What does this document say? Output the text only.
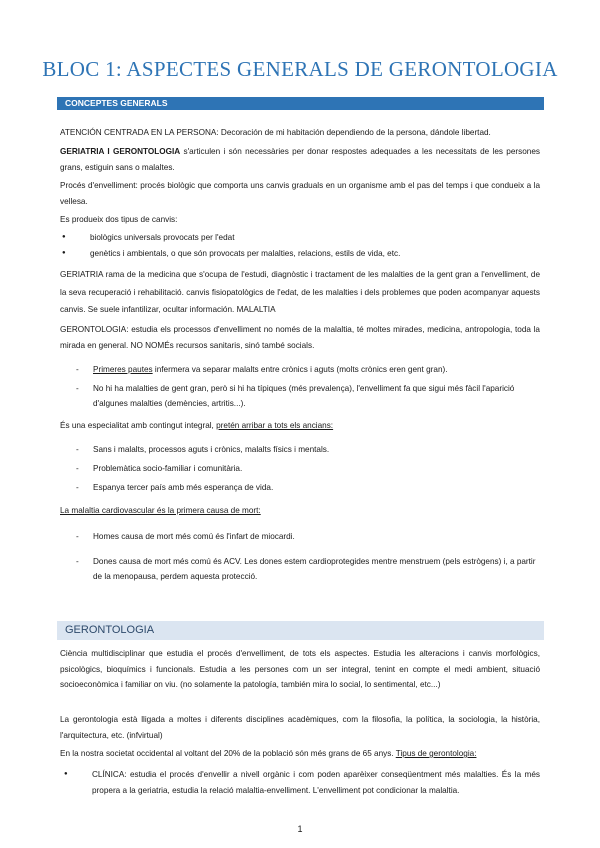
BLOC 1: ASPECTES GENERALS DE GERONTOLOGIA
CONCEPTES GENERALS
ATENCIÓN CENTRADA EN LA PERSONA: Decoración de mi habitación dependiendo de la persona, dándole libertad.
GERIATRIA I GERONTOLOGIA s'articulen i són necessàries per donar respostes adequades a les necessitats de les persones grans, estiguin sans o malaltes.
Procés d'envelliment: procés biològic que comporta uns canvis graduals en un organisme amb el pas del temps i que condueix a la vellesa.
Es produeix dos tipus de canvis:
● biològics universals provocats per l'edat
● genètics i ambientals, o que són provocats per malalties, relacions, estils de vida, etc.
GERIATRIA rama de la medicina que s'ocupa de l'estudi, diagnòstic i tractament de les malalties de la gent gran a l'envelliment, de la seva recuperació i rehabilitació. canvis fisiopatològics de l'edat, de les malalties i dels problemes que poden acompanyar aquests canvis. Se suele infantilizar, ocultar información. MALALTIA
GERONTOLOGIA: estudia els processos d'envelliment no només de la malaltia, té moltes mirades, medicina, antropologia, toda la mirada en general. NO NOMÉs recursos sanitaris, sinó també socials.
- Primeres pautes infermera va separar malalts entre crònics i aguts (molts crònics eren gent gran).
- No hi ha malalties de gent gran, però si hi ha típiques (més prevalença), l'envelliment fa que sigui més fàcil l'aparició d'algunes malalties (demències, artritis...).
És una especialitat amb contingut integral, pretén arribar a tots els ancians:
- Sans i malalts, processos aguts i crònics, malalts físics i mentals.
- Problemàtica socio-familiar i comunitària.
- Espanya tercer país amb més esperança de vida.
La malaltia cardiovascular és la primera causa de mort:
- Homes causa de mort més comú és l'infart de miocardi.
- Dones causa de mort més comú és ACV. Les dones estem cardioprotegides mentre menstruem (pels estrògens) i, a partir de la menopausa, perdem aquesta protecció.
GERONTOLOGIA
Ciència multidisciplinar que estudia el procés d'envelliment, de tots els aspectes. Estudia les alteracions i canvis morfològics, psicològics, bioquímics i funcionals. Estudia a les persones com un ser integral, tenint en compte el medi ambient, situació socioeconòmica i familiar on viu. (no solamente la patología, también mira lo social, lo sentimental, etc...)
La gerontologia està lligada a moltes i diferents disciplines acadèmiques, com la filosofia, la política, la sociologia, la història, l'arquitectura, etc. (infvirtual)
En la nostra societat occidental al voltant del 20% de la població són més grans de 65 anys. Tipus de gerontologia:
● CLÍNICA: estudia el procés d'envellir a nivell orgànic i com poden aparèixer conseqüentment més malalties. És la més propera a la geriatria, estudia la relació malaltia-envelliment. L'envelliment pot condicionar la malaltia.
1
